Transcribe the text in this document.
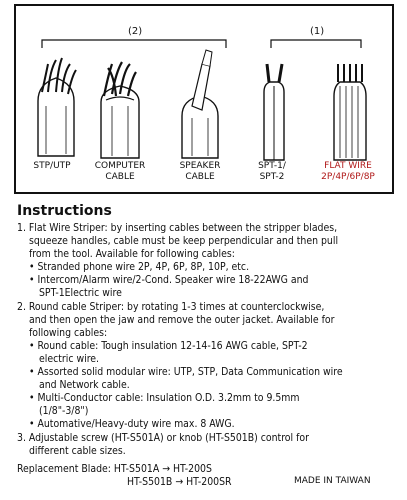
(2)	(1)
STP/UTP	COMPUTER
CABLE
SPEAKER
CABLE
SPT-1/
SPT-2
FLAT WIRE
2P/4P/6P/8P
Instructions
1. Flat Wire Striper: by inserting cables between the stripper blades,
squeeze handles, cable must be keep perpendicular and then pull
from the tool. Available for following cables:
• Stranded phone wire 2P, 4P, 6P, 8P, 10P, etc.
• Intercom/Alarm wire/2-Cond. Speaker wire 18-22AWG and
SPT-1Electric wire
2. Round cable Striper: by rotating 1-3 times at counterclockwise,
and then open the jaw and remove the outer jacket. Available for
following cables:
• Round cable: Tough insulation 12-14-16 AWG cable, SPT-2
electric wire.
• Assorted solid modular wire: UTP, STP, Data Communication wire
and Network cable.
• Multi-Conductor cable: Insulation O.D. 3.2mm to 9.5mm
(1/8"-3/8")
• Automative/Heavy-duty wire max. 8 AWG.
3. Adjustable screw (HT-S501A) or knob (HT-S501B) control for
different cable sizes.
Replacement Blade: HT-S501A → HT-200S
HT-S501B → HT-200SR	MADE IN TAIWAN
